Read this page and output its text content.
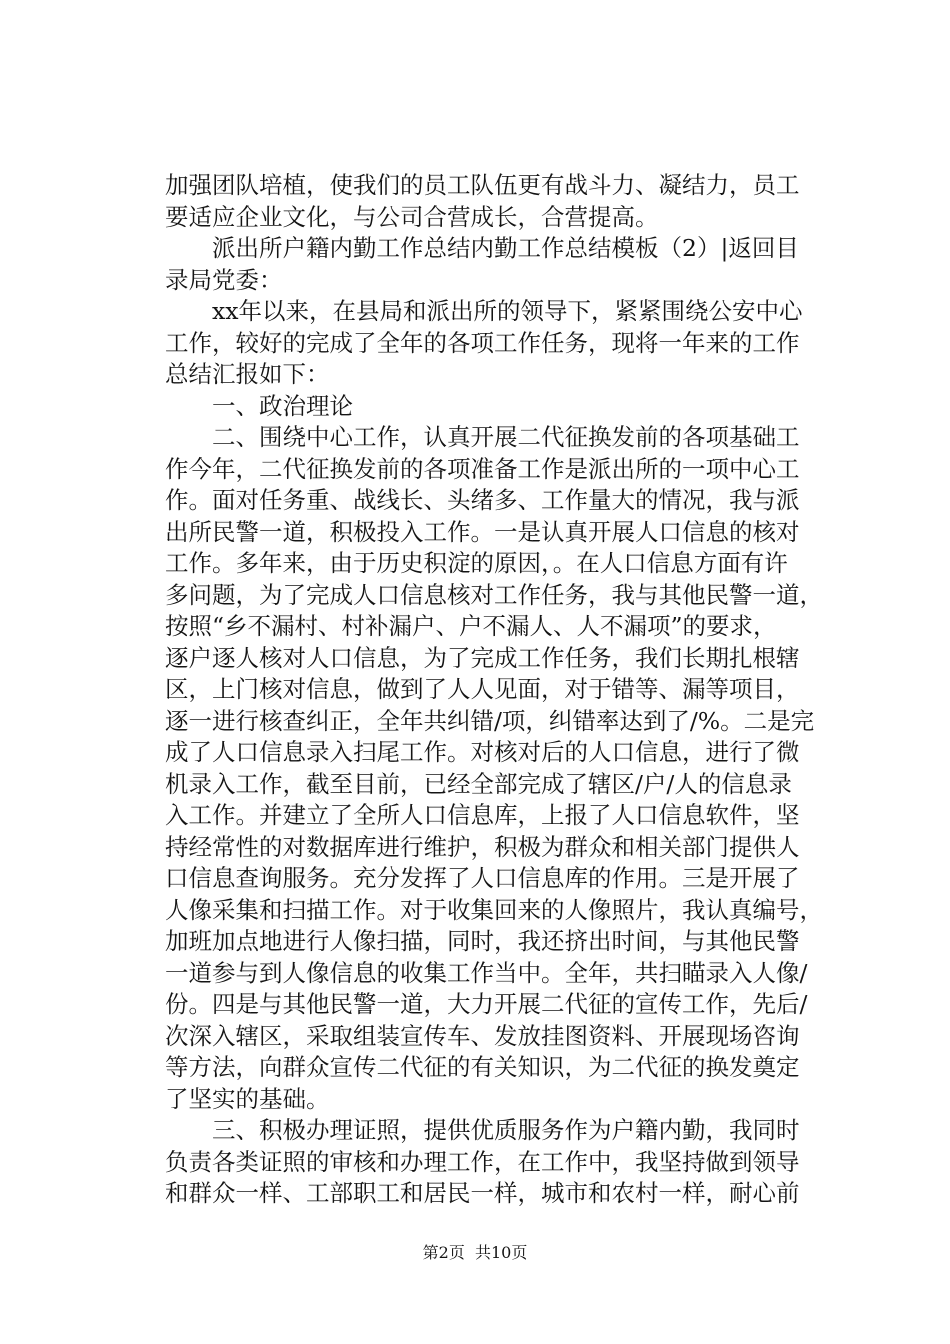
加强团队培植，使我们的员工队伍更有战斗力、凝结力，员工
要适应企业文化，与公司合营成长，合营提高。
　　派出所户籍内勤工作总结内勤工作总结模板（2）|返回目
录局党委：
　　xx年以来，在县局和派出所的领导下，紧紧围绕公安中心
工作，较好的完成了全年的各项工作任务，现将一年来的工作
总结汇报如下：
　　一、政治理论
　　二、围绕中心工作，认真开展二代征换发前的各项基础工
作今年，二代征换发前的各项准备工作是派出所的一项中心工
作。面对任务重、战线长、头绪多、工作量大的情况，我与派
出所民警一道，积极投入工作。一是认真开展人口信息的核对
工作。多年来，由于历史积淀的原因，。在人口信息方面有许
多问题，为了完成人口信息核对工作任务，我与其他民警一道，
按照“乡不漏村、村补漏户、户不漏人、人不漏项”的要求，
逐户逐人核对人口信息，为了完成工作任务，我们长期扎根辖
区，上门核对信息，做到了人人见面，对于错等、漏等项目，
逐一进行核查纠正，全年共纠错/项，纠错率达到了/%。二是完
成了人口信息录入扫尾工作。对核对后的人口信息，进行了微
机录入工作，截至目前，已经全部完成了辖区/户/人的信息录
入工作。并建立了全所人口信息库，上报了人口信息软件，坚
持经常性的对数据库进行维护，积极为群众和相关部门提供人
口信息查询服务。充分发挥了人口信息库的作用。三是开展了
人像采集和扫描工作。对于收集回来的人像照片，我认真编号，
加班加点地进行人像扫描，同时，我还挤出时间，与其他民警
一道参与到人像信息的收集工作当中。全年，共扫瞄录入人像/
份。四是与其他民警一道，大力开展二代征的宣传工作，先后/
次深入辖区，采取组装宣传车、发放挂图资料、开展现场咨询
等方法，向群众宣传二代征的有关知识，为二代征的换发奠定
了坚实的基础。
　　三、积极办理证照，提供优质服务作为户籍内勤，我同时
负责各类证照的审核和办理工作，在工作中，我坚持做到领导
和群众一样、工部职工和居民一样，城市和农村一样，耐心前
第2页  共10页
